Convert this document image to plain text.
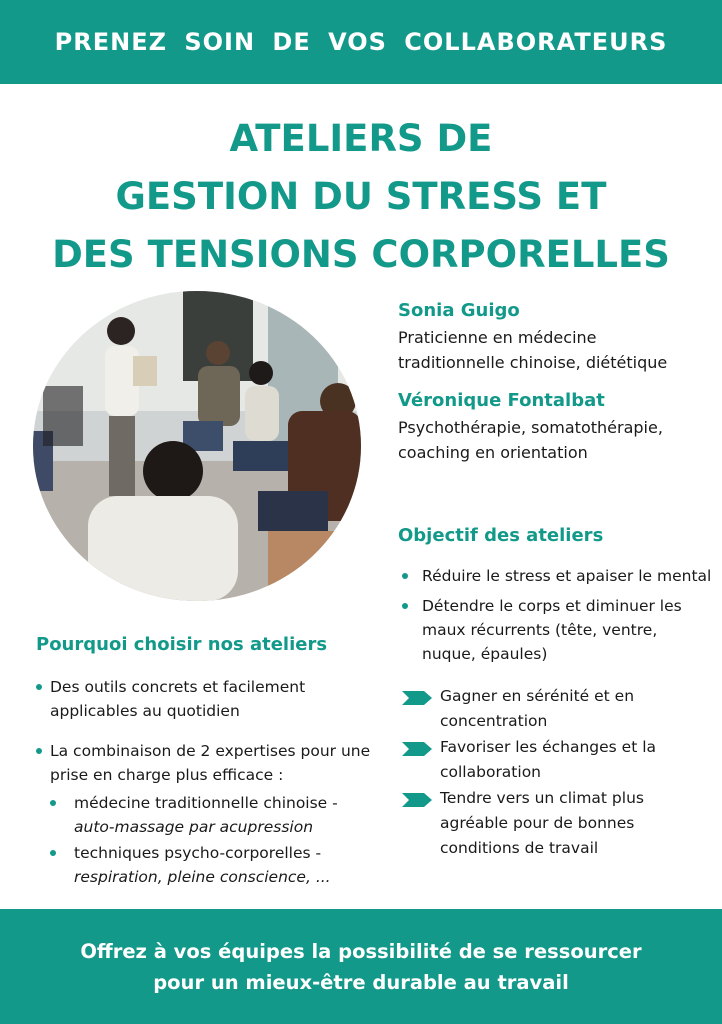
PRENEZ SOIN DE VOS COLLABORATEURS
ATELIERS DE
GESTION DU STRESS ET
DES TENSIONS CORPORELLES
Sonia Guigo
Praticienne en médecine
traditionnelle chinoise, diététique
Véronique Fontalbat
Psychothérapie, somatothérapie,
coaching en orientation
Objectif des ateliers
Réduire le stress et apaiser le mental
Détendre le corps et diminuer les maux récurrents (tête, ventre, nuque, épaules)
Gagner en sérénité et en concentration
Favoriser les échanges et la collaboration
Tendre vers un climat plus agréable pour de bonnes conditions de travail
Pourquoi choisir nos ateliers
Des outils concrets et facilement applicables au quotidien
La combinaison de 2 expertises pour une prise en charge plus efficace :
médecine traditionnelle chinoise -
auto-massage par acupression
techniques psycho-corporelles -
respiration, pleine conscience, ...
Offrez à vos équipes la possibilité de se ressourcer
pour un mieux-être durable au travail
